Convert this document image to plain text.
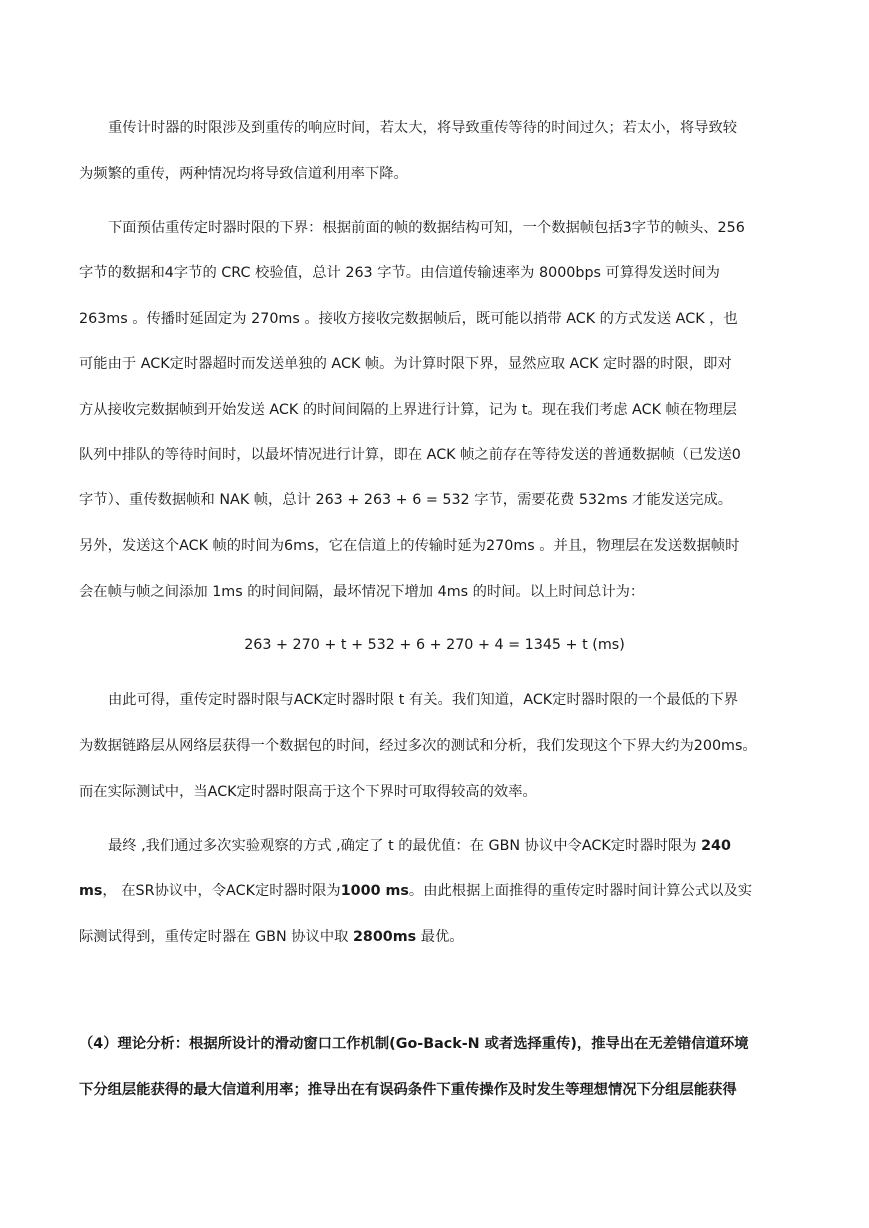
重传计时器的时限涉及到重传的响应时间，若太大，将导致重传等待的时间过久；若太小，将导致较
为频繁的重传，两种情况均将导致信道利用率下降。
下面预估重传定时器时限的下界：根据前面的帧的数据结构可知，一个数据帧包括3字节的帧头、256
字节的数据和4字节的 CRC 校验值，总计 263 字节。由信道传输速率为 8000bps 可算得发送时间为
263ms 。传播时延固定为 270ms 。接收方接收完数据帧后，既可能以捎带 ACK 的方式发送 ACK ，也
可能由于 ACK定时器超时而发送单独的 ACK 帧。为计算时限下界，显然应取 ACK 定时器的时限，即对
方从接收完数据帧到开始发送 ACK 的时间间隔的上界进行计算，记为 t。现在我们考虑 ACK 帧在物理层
队列中排队的等待时间时，以最坏情况进行计算，即在 ACK 帧之前存在等待发送的普通数据帧（已发送0
字节）、重传数据帧和 NAK 帧，总计 263 + 263 + 6 = 532 字节，需要花费 532ms 才能发送完成。
另外，发送这个ACK 帧的时间为6ms，它在信道上的传输时延为270ms 。并且，物理层在发送数据帧时
会在帧与帧之间添加 1ms 的时间间隔，最坏情况下增加 4ms 的时间。以上时间总计为：
263 + 270 + t + 532 + 6 + 270 + 4 = 1345 + t (ms)
由此可得，重传定时器时限与ACK定时器时限 t 有关。我们知道，ACK定时器时限的一个最低的下界
为数据链路层从网络层获得一个数据包的时间，经过多次的测试和分析，我们发现这个下界大约为200ms。
而在实际测试中，当ACK定时器时限高于这个下界时可取得较高的效率。
最终 ,我们通过多次实验观察的方式 ,确定了 t 的最优值：在 GBN 协议中令ACK定时器时限为 240
ms， 在SR协议中，令ACK定时器时限为1000 ms。由此根据上面推得的重传定时器时间计算公式以及实
际测试得到，重传定时器在 GBN 协议中取 2800ms 最优。
（4）理论分析：根据所设计的滑动窗口工作机制(Go-Back-N 或者选择重传)，推导出在无差错信道环境
下分组层能获得的最大信道利用率；推导出在有误码条件下重传操作及时发生等理想情况下分组层能获得
